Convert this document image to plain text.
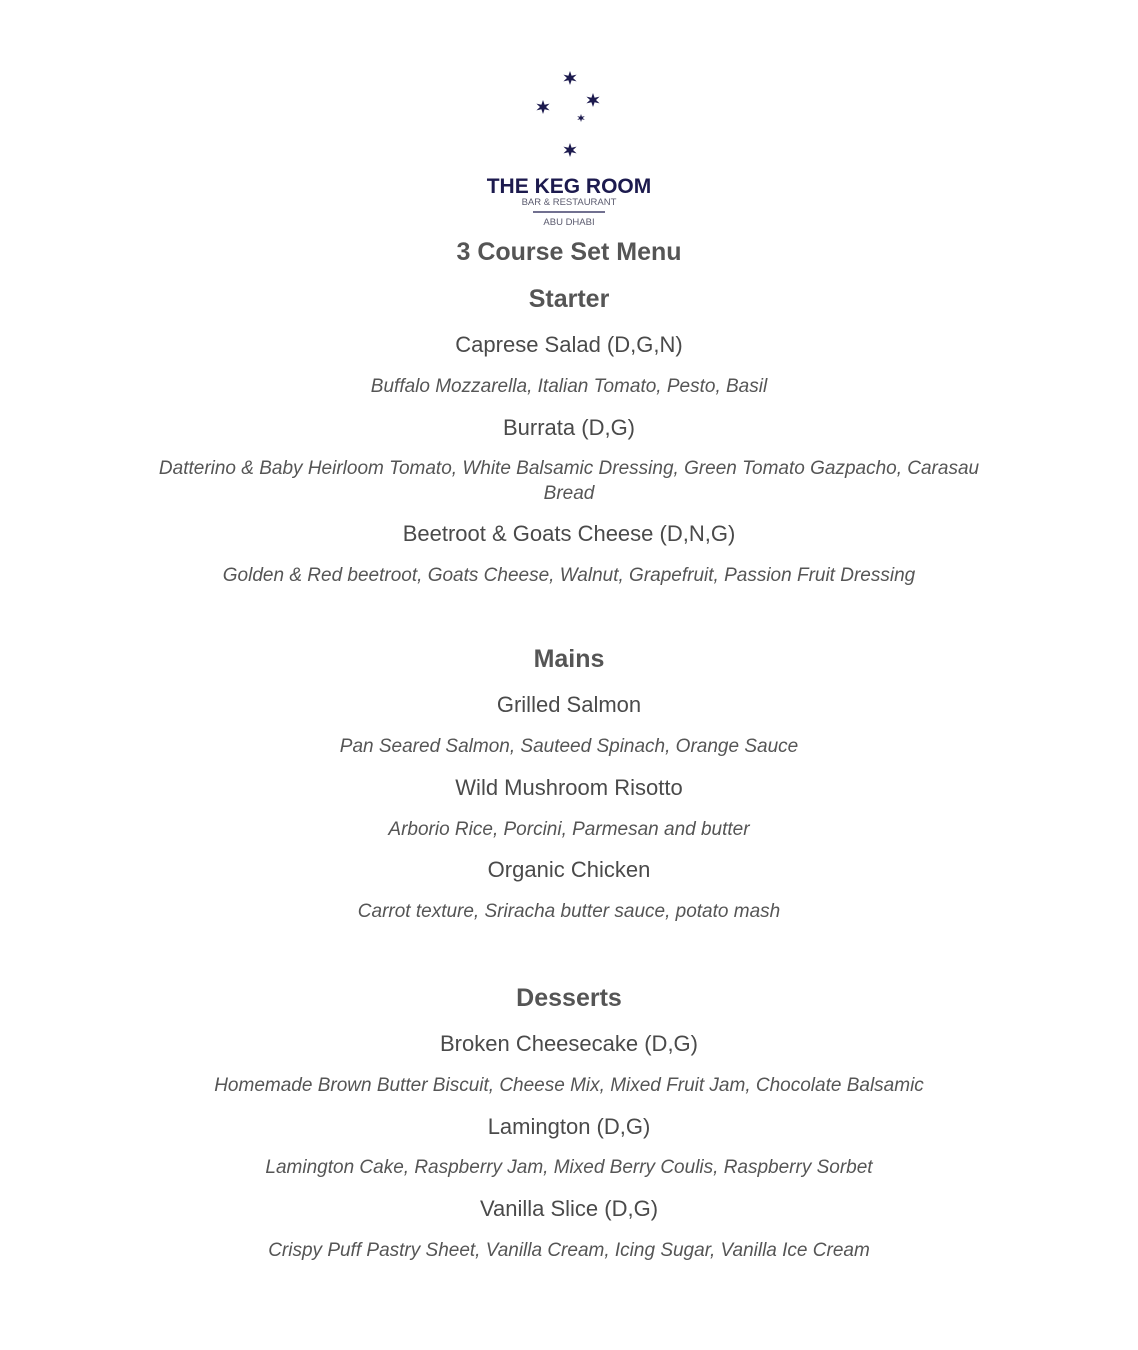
THE KEG ROOM
BAR & RESTAURANT
ABU DHABI
3 Course Set Menu
Starter
Caprese Salad (D,G,N)
Buffalo Mozzarella, Italian Tomato, Pesto, Basil
Burrata (D,G)
Datterino & Baby Heirloom Tomato, White Balsamic Dressing, Green Tomato Gazpacho, Carasau
Bread
Beetroot & Goats Cheese (D,N,G)
Golden & Red beetroot, Goats Cheese, Walnut, Grapefruit, Passion Fruit Dressing
Mains
Grilled Salmon
Pan Seared Salmon, Sauteed Spinach, Orange Sauce
Wild Mushroom Risotto
Arborio Rice, Porcini, Parmesan and butter
Organic Chicken
Carrot texture, Sriracha butter sauce, potato mash
Desserts
Broken Cheesecake (D,G)
Homemade Brown Butter Biscuit, Cheese Mix, Mixed Fruit Jam, Chocolate Balsamic
Lamington (D,G)
Lamington Cake, Raspberry Jam, Mixed Berry Coulis, Raspberry Sorbet
Vanilla Slice (D,G)
Crispy Puff Pastry Sheet, Vanilla Cream, Icing Sugar, Vanilla Ice Cream
